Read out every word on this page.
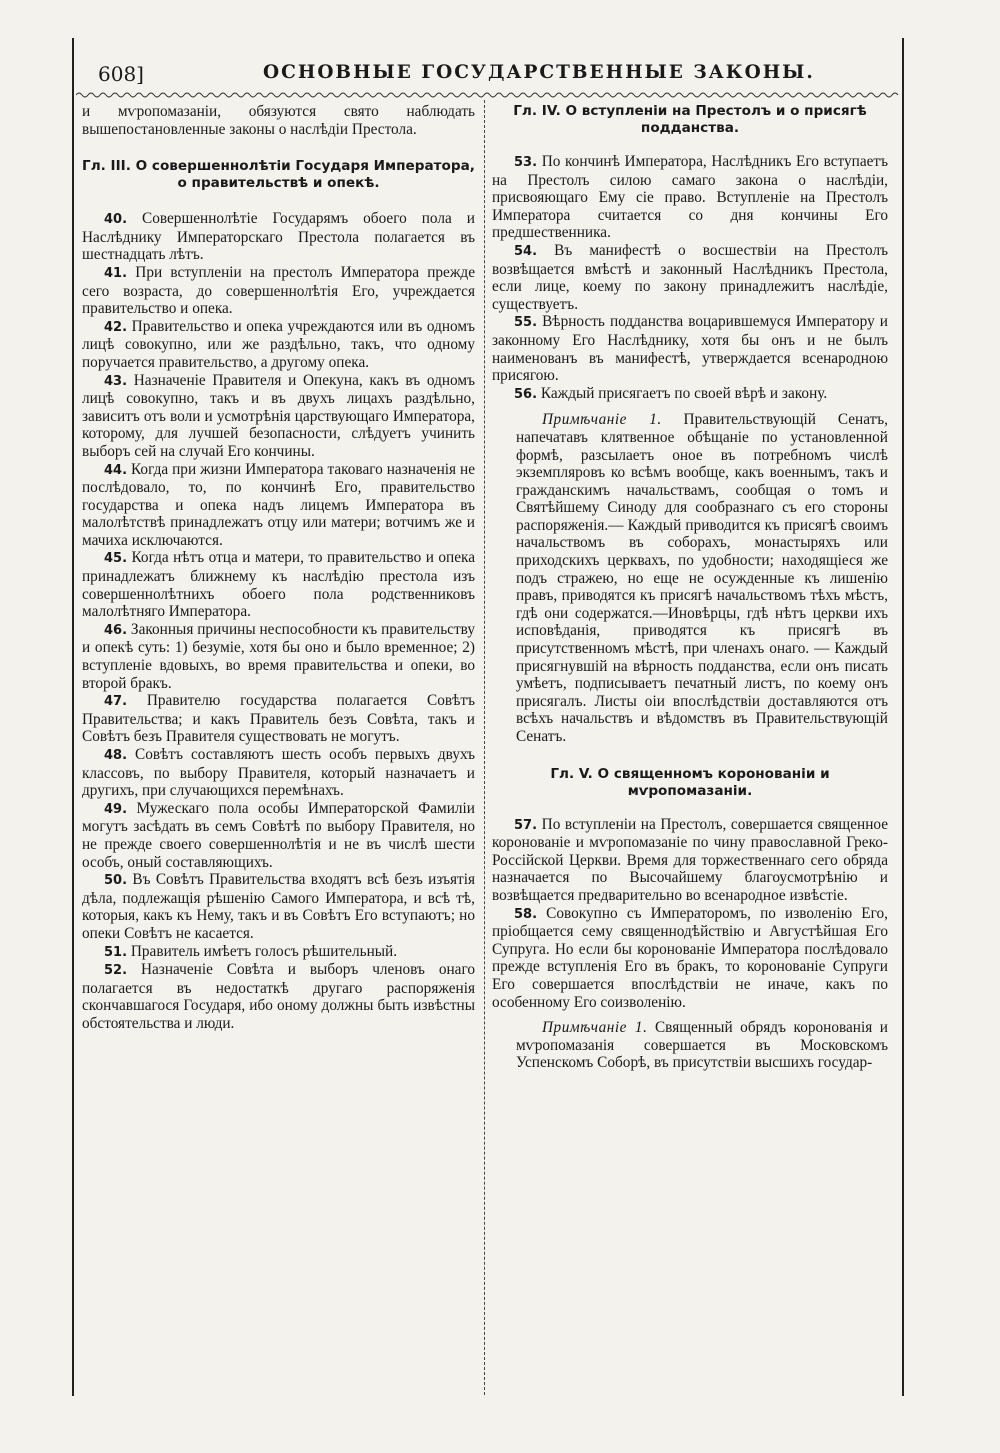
608]	ОСНОВНЫЕ ГОСУДАРСТВЕННЫЕ ЗАКОНЫ.

и мѵропомазаніи, обязуются свято наблюдать вышепостановленные законы о наслѣдіи Престола.

Гл. III. О совершеннолѣтіи Государя Императора, о правительствѣ и опекѣ.

40. Совершеннолѣтіе Государямъ обоего пола и Наслѣднику Императорскаго Престола полагается въ шестнадцать лѣтъ.

41. При вступленіи на престолъ Императора прежде сего возраста, до совершеннолѣтія Его, учреждается правительство и опека.

42. Правительство и опека учреждаются или въ одномъ лицѣ совокупно, или же раздѣльно, такъ, что одному поручается правительство, а другому опека.

43. Назначеніе Правителя и Опекуна, какъ въ одномъ лицѣ совокупно, такъ и въ двухъ лицахъ раздѣльно, зависитъ отъ воли и усмотрѣнія царствующаго Императора, которому, для лучшей безопасности, слѣдуетъ учинить выборъ сей на случай Его кончины.

44. Когда при жизни Императора таковаго назначенія не послѣдовало, то, по кончинѣ Его, правительство государства и опека надъ лицемъ Императора въ малолѣтствѣ принадлежатъ отцу или матери; вотчимъ же и мачиха исключаются.

45. Когда нѣтъ отца и матери, то правительство и опека принадлежатъ ближнему къ наслѣдію престола изъ совершеннолѣтнихъ обоего пола родственниковъ малолѣтняго Императора.

46. Законныя причины неспособности къ правительству и опекѣ суть: 1) безуміе, хотя бы оно и было временное; 2) вступленіе вдовыхъ, во время правительства и опеки, во второй бракъ.

47. Правителю государства полагается Совѣтъ Правительства; и какъ Правитель безъ Совѣта, такъ и Совѣтъ безъ Правителя существовать не могутъ.

48. Совѣтъ составляютъ шесть особъ первыхъ двухъ классовъ, по выбору Правителя, который назначаетъ и другихъ, при случающихся перемѣнахъ.

49. Мужескаго пола особы Императорской Фамиліи могутъ засѣдать въ семъ Совѣтѣ по выбору Правителя, но не прежде своего совершеннолѣтія и не въ числѣ шести особъ, оный составляющихъ.

50. Въ Совѣтъ Правительства входятъ всѣ безъ изъятія дѣла, подлежащія рѣшенію Самого Императора, и всѣ тѣ, которыя, какъ къ Нему, такъ и въ Совѣтъ Его вступаютъ; но опеки Совѣтъ не касается.

51. Правитель имѣетъ голосъ рѣшительный.

52. Назначеніе Совѣта и выборъ членовъ онаго полагается въ недостаткѣ другаго распоряженія скончавшагося Государя, ибо оному должны быть извѣстны обстоятельства и люди.

Гл. IV. О вступленіи на Престолъ и о присягѣ подданства.

53. По кончинѣ Императора, Наслѣдникъ Его вступаетъ на Престолъ силою самаго закона о наслѣдіи, присвояющаго Ему сіе право. Вступленіе на Престолъ Императора считается со дня кончины Его предшественника.

54. Въ манифестѣ о восшествіи на Престолъ возвѣщается вмѣстѣ и законный Наслѣдникъ Престола, если лице, коему по закону принадлежитъ наслѣдіе, существуетъ.

55. Вѣрность подданства воцарившемуся Императору и законному Его Наслѣднику, хотя бы онъ и не былъ наименованъ въ манифестѣ, утверждается всенародною присягою.

56. Каждый присягаетъ по своей вѣрѣ и закону.

Примѣчаніе 1. Правительствующій Сенатъ, напечатавъ клятвенное обѣщаніе по установленной формѣ, разсылаетъ оное въ потребномъ числѣ экземпляровъ ко всѣмъ вообще, какъ военнымъ, такъ и гражданскимъ начальствамъ, сообщая о томъ и Святѣйшему Синоду для сообразнаго съ его стороны распоряженія.— Каждый приводится къ присягѣ своимъ начальствомъ въ соборахъ, монастыряхъ или приходскихъ церквахъ, по удобности; находящіеся же подъ стражею, но еще не осужденные къ лишенію правъ, приводятся къ присягѣ начальствомъ тѣхъ мѣстъ, гдѣ они содержатся.—Иновѣрцы, гдѣ нѣтъ церкви ихъ исповѣданія, приводятся къ присягѣ въ присутственномъ мѣстѣ, при членахъ онаго. — Каждый присягнувшій на вѣрность подданства, если онъ писать умѣетъ, подписываетъ печатный листъ, по коему онъ присягалъ. Листы оіи впослѣдствіи доставляются отъ всѣхъ начальствъ и вѣдомствъ въ Правительствующій Сенатъ.

Гл. V. О священномъ коронованіи и мѵропомазаніи.

57. По вступленіи на Престолъ, совершается священное коронованіе и мѵропомазаніе по чину православной Греко-Россійской Церкви. Время для торжественнаго сего обряда назначается по Высочайшему благоусмотрѣнію и возвѣщается предварительно во всенародное извѣстіе.

58. Совокупно съ Императоромъ, по изволенію Его, пріобщается сему священнодѣйствію и Августѣйшая Его Супруга. Но если бы коронованіе Императора послѣдовало прежде вступленія Его въ бракъ, то коронованіе Супруги Его совершается впослѣдствіи не иначе, какъ по особенному Его соизволенію.

Примѣчаніе 1. Священный обрядъ коронованія и мѵропомазанія совершается въ Московскомъ Успенскомъ Соборѣ, въ присутствіи высшихъ государ-
